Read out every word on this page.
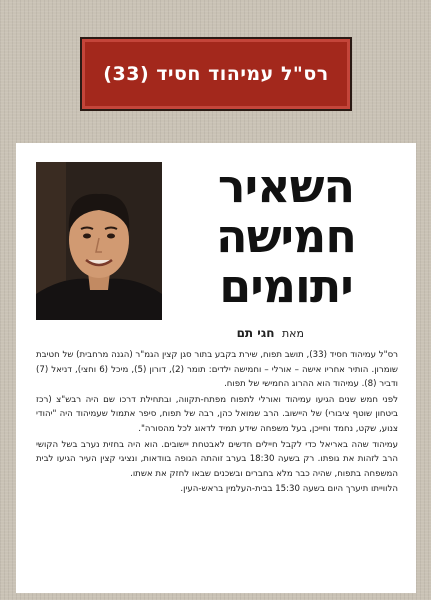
רס"ל עמיהוד חסיד (33)
השאיר
חמישה
יתומים
מאת חגי תם

רס"ל עמיהוד חסיד (33), תושב תפוח, שירת בקבע בתור סגן קצין הגמ"ר (הגנה מרחבית) של חטיבת שומרון. הותיר אחריו אישה – אורלי – וחמישה ילדים: תומר (2), דורון (5), מיכל (6 וחצי), דניאל (7) ודביר (8). עמיהוד הוא ההרוג החמישי של תפוח.

לפני חמש שנים הגיעו עמיהוד ואורלי לתפוח מפתח-תקווה, ובתחילת דרכו שם היה רבש"צ (רכז ביטחון שוטף ציבורי) של היישוב. הרב שמואל כהן, רבה של תפוח, סיפר אתמול שעמיהוד היה "יהודי צנוע, שקט, נחמד וחייכן, בעל משפחה שידע תמיד לדאוג לכל מהסורה".

עמיהוד שהה באריאל כדי לקבל חיילים חדשים לאבטחת יישובים. הוא היה בחזית נערב בשל הקושי הרב לזהות את גופתו. רק בשעה 18:30 בערב זוהתה הגופה בוודאות, ונציגי קצין העיר הגיעו לבית המשפחה בתפוח, שהיה כבר מלא בחברים ובשכנים שבאו לחזק את אשתו.

הלווייתו תיערך היום בשעה 15:30 בבית-העלמין בראש-העין.
